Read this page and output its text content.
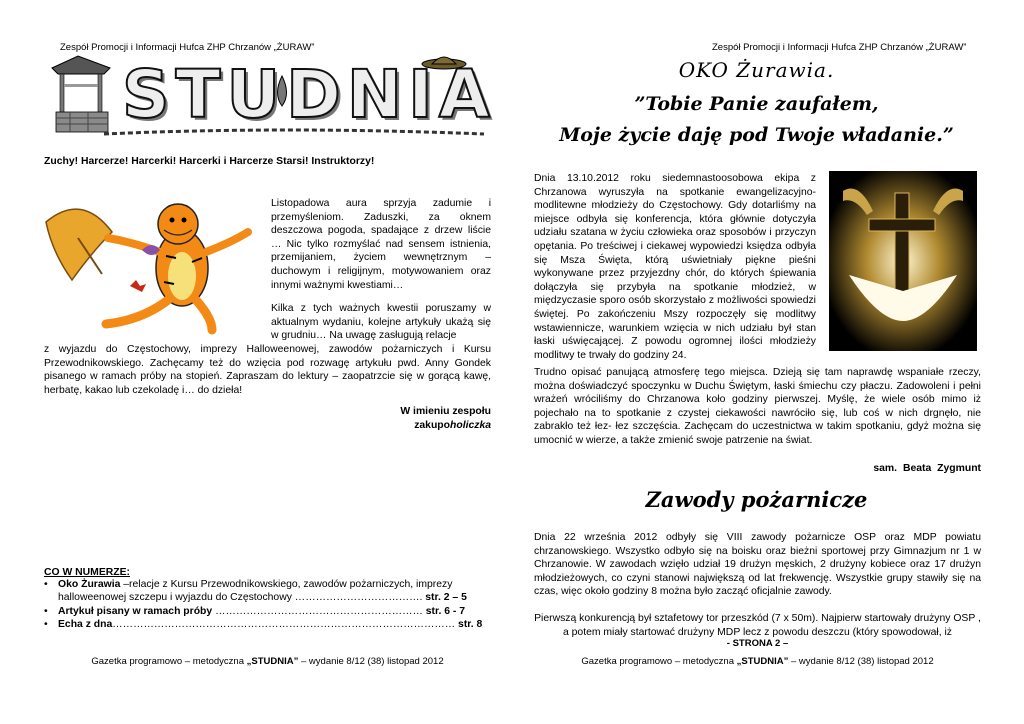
Zespół Promocji i Informacji Hufca ZHP Chrzanów „ŻURAW”
STUDNIA
Zuchy! Harcerze! Harcerki! Harcerki i Harcerze Starsi! Instruktorzy!
Listopadowa aura sprzyja zadumie i przemyśleniom. Zaduszki, za oknem deszczowa pogoda, spadające z drzew liście … Nic tylko rozmyślać nad sensem istnienia, przemijaniem, życiem wewnętrznym – duchowym i religijnym, motywowaniem oraz innymi ważnymi kwestiami…
Kilka z tych ważnych kwestii poruszamy w aktualnym wydaniu, kolejne artykuły ukażą się w grudniu… Na uwagę zasługują relacje
z wyjazdu do Częstochowy, imprezy Halloweenowej, zawodów pożarniczych i Kursu Przewodnikowskiego. Zachęcamy też do wzięcia pod rozwagę artykułu pwd. Anny Gondek pisanego w ramach próby na stopień. Zapraszam do lektury – zaopatrzcie się w gorącą kawę, herbatę, kakao lub czekoladę i… do dzieła!
W imieniu zespołu
zakupoholiczka
CO W NUMERZE:
• Oko Żurawia –relacje z Kursu Przewodnikowskiego, zawodów pożarniczych, imprezy halloweenowej szczepu i wyjazdu do Częstochowy ………………………………. str. 2 – 5
• Artykuł pisany w ramach próby …………………………………………………… str. 6 - 7
• Echa z dna……………………………………………………………………………………… str. 8
Gazetka programowo – metodyczna „STUDNIA” – wydanie 8/12 (38) listopad 2012
Zespół Promocji i Informacji Hufca ZHP Chrzanów „ŻURAW”
OKO Żurawia.
”Tobie Panie zaufałem,
Moje życie daję pod Twoje władanie.”
Dnia 13.10.2012 roku siedemnastoosobowa ekipa z Chrzanowa wyruszyła na spotkanie ewangelizacyjno-modlitewne młodzieży do Częstochowy. Gdy dotarliśmy na miejsce odbyła się konferencja, która głównie dotyczyła udziału szatana w życiu człowieka oraz sposobów i przyczyn opętania. Po treściwej i ciekawej wypowiedzi księdza odbyła się Msza Święta, którą uświetniały piękne pieśni wykonywane przez przyjezdny chór, do których śpiewania dołączyła się przybyła na spotkanie młodzież, w międzyczasie sporo osób skorzystało z możliwości spowiedzi świętej. Po zakończeniu Mszy rozpoczęły się modlitwy wstawiennicze, warunkiem wzięcia w nich udziału był stan łaski uświęcającej. Z powodu ogromnej ilości młodzieży modlitwy te trwały do godziny 24.
Trudno opisać panującą atmosferę tego miejsca. Dzieją się tam naprawdę wspaniałe rzeczy, można doświadczyć spoczynku w Duchu Świętym, łaski śmiechu czy płaczu. Zadowoleni i pełni wrażeń wróciliśmy do Chrzanowa koło godziny pierwszej. Myślę, że wiele osób mimo iż pojechało na to spotkanie z czystej ciekawości nawróciło się, lub coś w nich drgnęło, nie zabrakło też łez- łez szczęścia. Zachęcam do uczestnictwa w takim spotkaniu, gdyż można się umocnić w wierze, a także zmienić swoje patrzenie na świat.
sam. Beata Zygmunt
Zawody pożarnicze
Dnia 22 września 2012 odbyły się VIII zawody pożarnicze OSP oraz MDP powiatu chrzanowskiego. Wszystko odbyło się na boisku oraz bieżni sportowej przy Gimnazjum nr 1 w Chrzanowie. W zawodach wzięło udział 19 drużyn męskich, 2 drużyny kobiece oraz 17 drużyn młodzieżowych, co czyni stanowi największą od lat frekwencję. Wszystkie grupy stawiły się na czas, więc około godziny 8 można było zacząć oficjalnie zawody.
Pierwszą konkurencją był sztafetowy tor przeszkód (7 x 50m). Najpierw startowały drużyny OSP , a potem miały startować drużyny MDP lecz z powodu deszczu (który spowodował, iż
- STRONA 2 –
Gazetka programowo – metodyczna „STUDNIA” – wydanie 8/12 (38) listopad 2012
